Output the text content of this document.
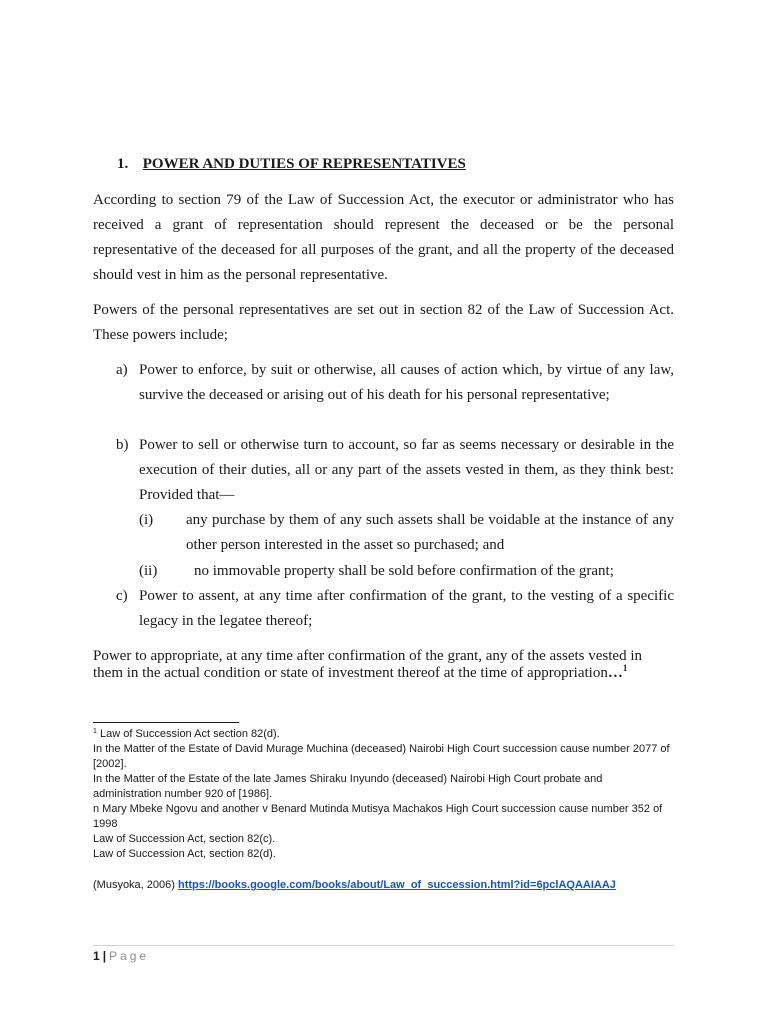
1. POWER AND DUTIES OF REPRESENTATIVES
According to section 79 of the Law of Succession Act, the executor or administrator who has received a grant of representation should represent the deceased or be the personal representative of the deceased for all purposes of the grant, and all the property of the deceased should vest in him as the personal representative.
Powers of the personal representatives are set out in section 82 of the Law of Succession Act. These powers include;
a) Power to enforce, by suit or otherwise, all causes of action which, by virtue of any law, survive the deceased or arising out of his death for his personal representative;
b) Power to sell or otherwise turn to account, so far as seems necessary or desirable in the execution of their duties, all or any part of the assets vested in them, as they think best: Provided that—
(i) any purchase by them of any such assets shall be voidable at the instance of any other person interested in the asset so purchased; and
(ii) no immovable property shall be sold before confirmation of the grant;
c) Power to assent, at any time after confirmation of the grant, to the vesting of a specific legacy in the legatee thereof;
Power to appropriate, at any time after confirmation of the grant, any of the assets vested in them in the actual condition or state of investment thereof at the time of appropriation…$^1$

$^1$ Law of Succession Act section 82(d).

In the Matter of the Estate of David Murage Muchina (deceased) Nairobi High Court succession cause number 2077 of [2002].

In the Matter of the Estate of the late James Shiraku Inyundo (deceased) Nairobi High Court probate and administration number 920 of [1986].

n Mary Mbeke Ngovu and another v Benard Mutinda Mutisya Machakos High Court succession cause number 352 of 1998

Law of Succession Act, section 82(c).

Law of Succession Act, section 82(d).

(Musyoka, 2006) https://books.google.com/books/about/Law_of_succession.html?id=6pclAQAAIAAJ

1 | Page
